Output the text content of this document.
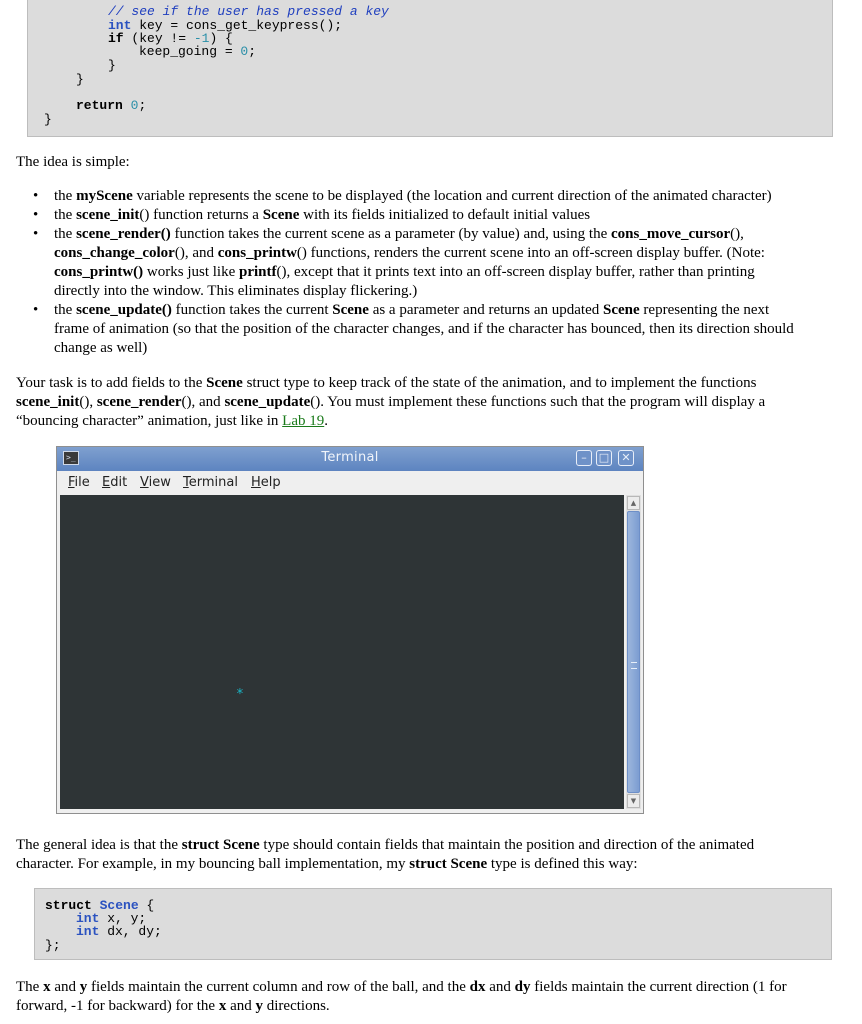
// see if the user has pressed a key

int key = cons_get_keypress();

if (key != -1) {

keep_going = 0;

}

}

return 0;

}

The idea is simple:

• the myScene variable represents the scene to be displayed (the location and current direction of the animated character)
• the scene_init() function returns a Scene with its fields initialized to default initial values
• the scene_render() function takes the current scene as a parameter (by value) and, using the cons_move_cursor(),
cons_change_color(), and cons_printw() functions, renders the current scene into an off-screen display buffer. (Note:
cons_printw() works just like printf(), except that it prints text into an off-screen display buffer, rather than printing
directly into the window. This eliminates display flickering.)
• the scene_update() function takes the current Scene as a parameter and returns an updated Scene representing the next
frame of animation (so that the position of the character changes, and if the character has bounced, then its direction should
change as well)

Your task is to add fields to the Scene struct type to keep track of the state of the animation, and to implement the functions
scene_init(), scene_render(), and scene_update(). You must implement these functions such that the program will display a
“bouncing character” animation, just like in Lab 19.

>_	Terminal	–	□	✕
File Edit View Terminal Help
*
▲
▼

The general idea is that the struct Scene type should contain fields that maintain the position and direction of the animated
character. For example, in my bouncing ball implementation, my struct Scene type is defined this way:

struct Scene {

int x, y;

int dx, dy;

};

The x and y fields maintain the current column and row of the ball, and the dx and dy fields maintain the current direction (1 for
forward, -1 for backward) for the x and y directions.
